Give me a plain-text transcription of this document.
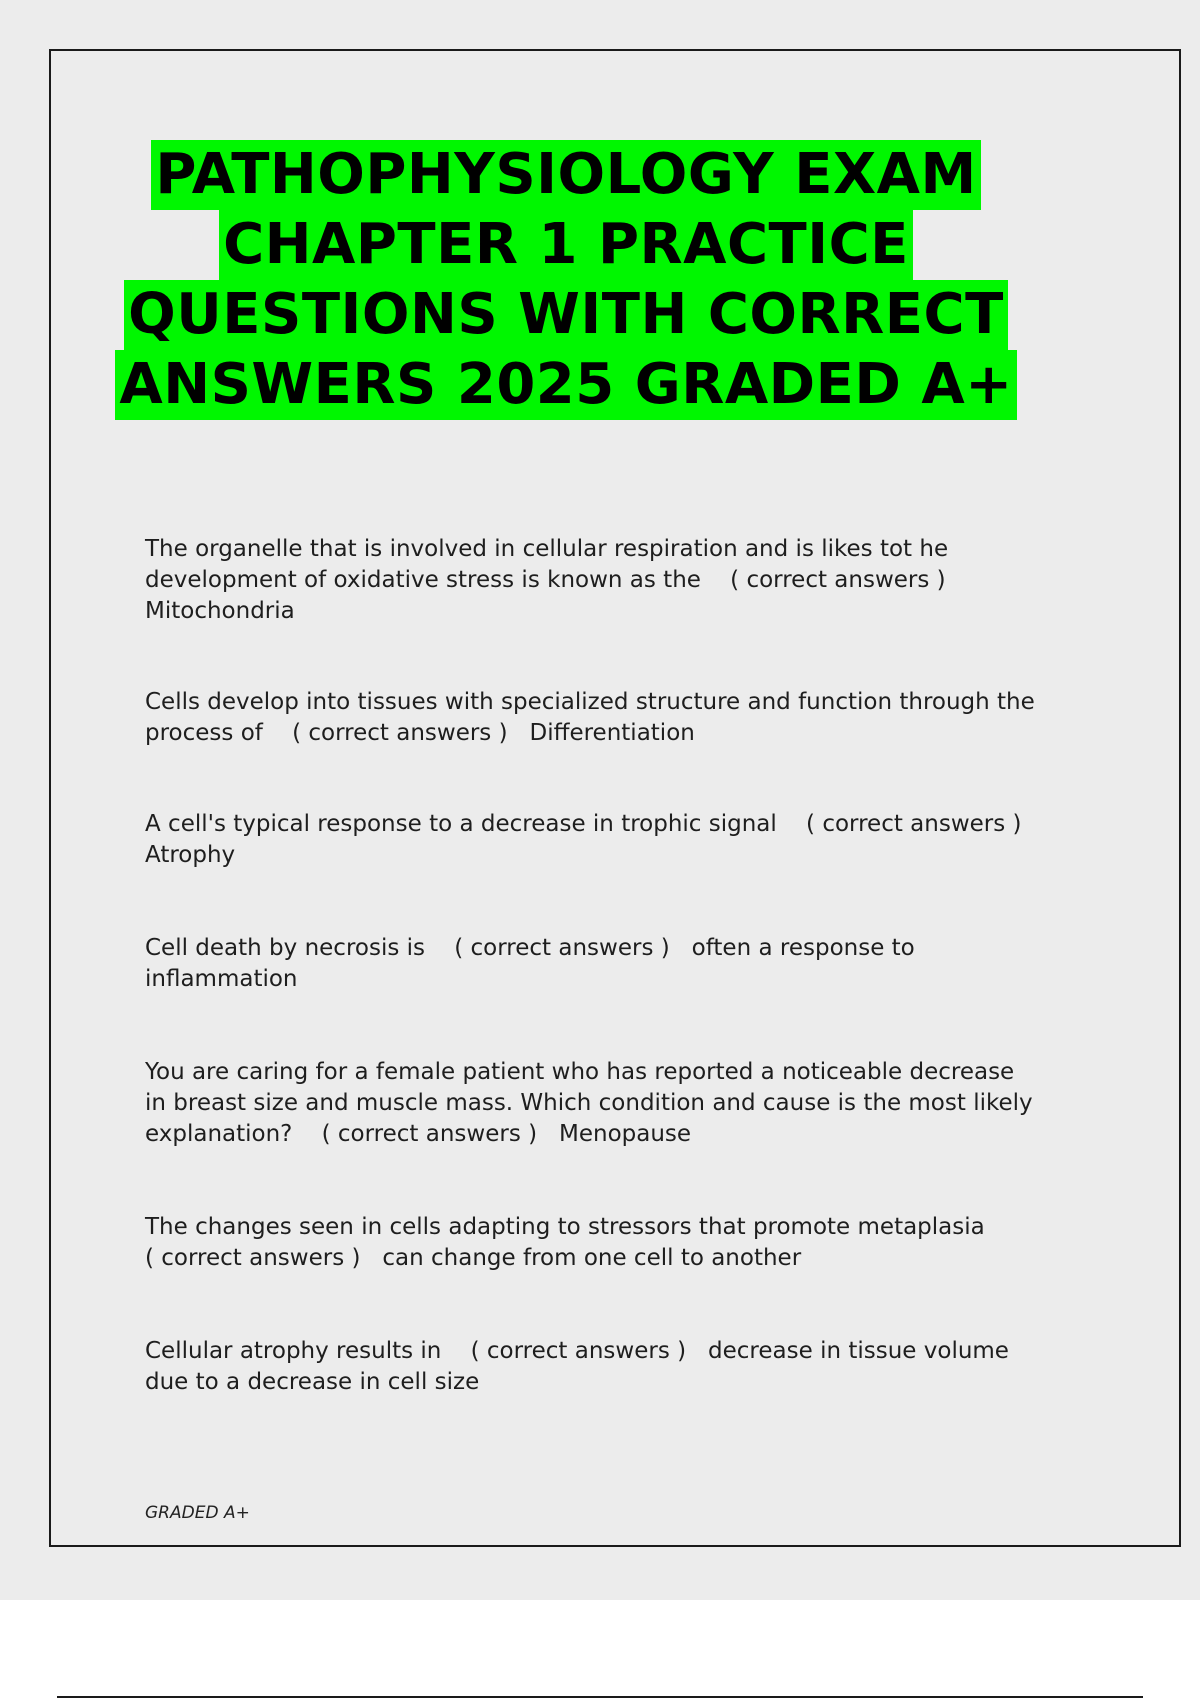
PATHOPHYSIOLOGY EXAM
CHAPTER 1 PRACTICE
QUESTIONS WITH CORRECT
ANSWERS 2025 GRADED A+

The organelle that is involved in cellular respiration and is likes tot he
development of oxidative stress is known as the    ( correct answers )
Mitochondria

Cells develop into tissues with specialized structure and function through the
process of    ( correct answers )   Differentiation

A cell's typical response to a decrease in trophic signal    ( correct answers )
Atrophy

Cell death by necrosis is    ( correct answers )   often a response to
inflammation

You are caring for a female patient who has reported a noticeable decrease
in breast size and muscle mass. Which condition and cause is the most likely
explanation?    ( correct answers )   Menopause

The changes seen in cells adapting to stressors that promote metaplasia
( correct answers )   can change from one cell to another

Cellular atrophy results in    ( correct answers )   decrease in tissue volume
due to a decrease in cell size

GRADED A+
